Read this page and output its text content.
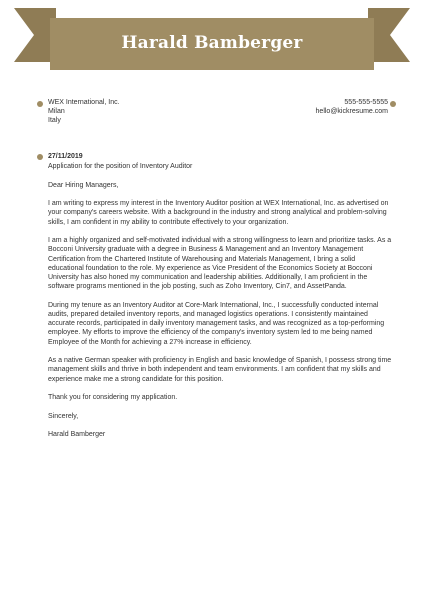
Harald Bamberger
WEX International, Inc.
Milan
Italy
555-555-5555
hello@kickresume.com
27/11/2019

Application for the position of Inventory Auditor

Dear Hiring Managers,

I am writing to express my interest in the Inventory Auditor position at WEX International, Inc. as advertised on your company's careers website. With a background in the industry and strong analytical and problem-solving skills, I am confident in my ability to contribute effectively to your organization.

I am a highly organized and self-motivated individual with a strong willingness to learn and prioritize tasks. As a Bocconi University graduate with a degree in Business & Management and an Inventory Management Certification from the Chartered Institute of Warehousing and Materials Management, I bring a solid educational foundation to the role. My experience as Vice President of the Economics Society at Bocconi University has also honed my communication and leadership abilities. Additionally, I am proficient in the software programs mentioned in the job posting, such as Zoho Inventory, Cin7, and AssetPanda.

During my tenure as an Inventory Auditor at Core-Mark International, Inc., I successfully conducted internal audits, prepared detailed inventory reports, and managed logistics operations. I consistently maintained accurate records, participated in daily inventory management tasks, and was recognized as a top-performing employee. My efforts to improve the efficiency of the company's inventory system led to me being named Employee of the Month for achieving a 27% increase in efficiency.

As a native German speaker with proficiency in English and basic knowledge of Spanish, I possess strong time management skills and thrive in both independent and team environments. I am confident that my skills and experience make me a strong candidate for this position.

Thank you for considering my application.

Sincerely,

Harald Bamberger
